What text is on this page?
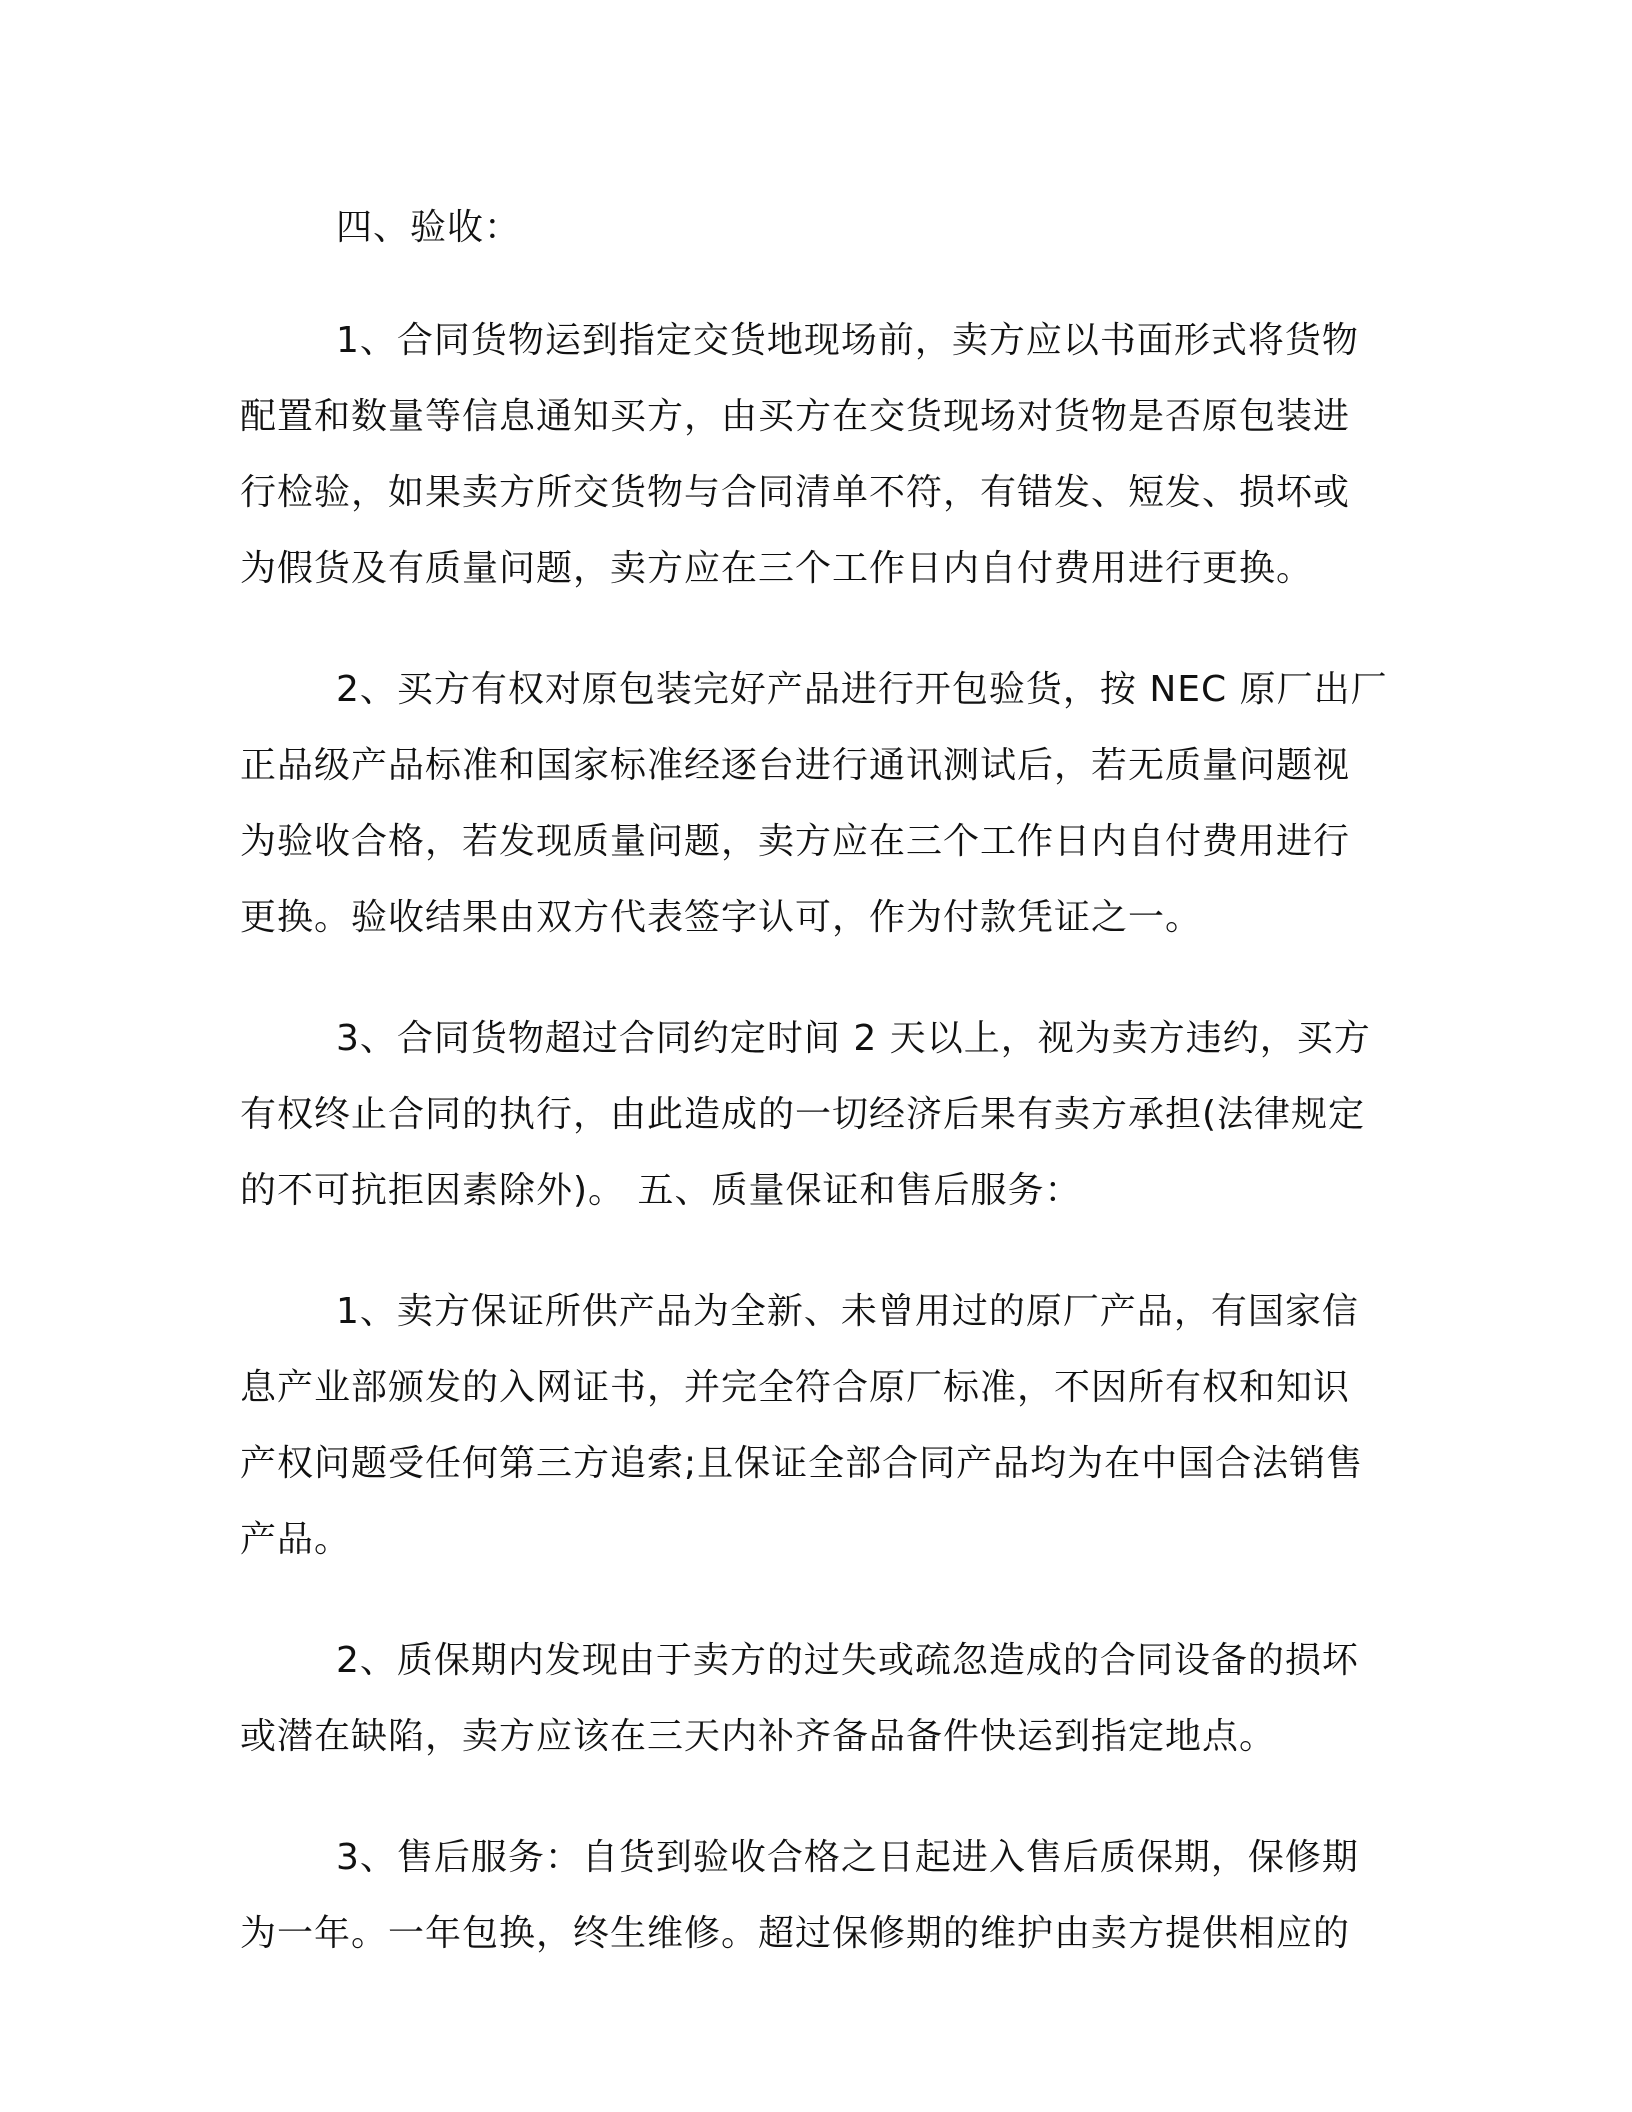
四、验收：

1、合同货物运到指定交货地现场前，卖方应以书面形式将货物
配置和数量等信息通知买方，由买方在交货现场对货物是否原包装进
行检验，如果卖方所交货物与合同清单不符，有错发、短发、损坏或
为假货及有质量问题，卖方应在三个工作日内自付费用进行更换。

2、买方有权对原包装完好产品进行开包验货，按 NEC 原厂出厂
正品级产品标准和国家标准经逐台进行通讯测试后，若无质量问题视
为验收合格，若发现质量问题，卖方应在三个工作日内自付费用进行
更换。验收结果由双方代表签字认可，作为付款凭证之一。

3、合同货物超过合同约定时间 2 天以上，视为卖方违约，买方
有权终止合同的执行，由此造成的一切经济后果有卖方承担(法律规定
的不可抗拒因素除外)。 五、质量保证和售后服务：

1、卖方保证所供产品为全新、未曾用过的原厂产品，有国家信
息产业部颁发的入网证书，并完全符合原厂标准，不因所有权和知识
产权问题受任何第三方追索;且保证全部合同产品均为在中国合法销售
产品。

2、质保期内发现由于卖方的过失或疏忽造成的合同设备的损坏
或潜在缺陷，卖方应该在三天内补齐备品备件快运到指定地点。

3、售后服务：自货到验收合格之日起进入售后质保期，保修期
为一年。一年包换，终生维修。超过保修期的维护由卖方提供相应的
